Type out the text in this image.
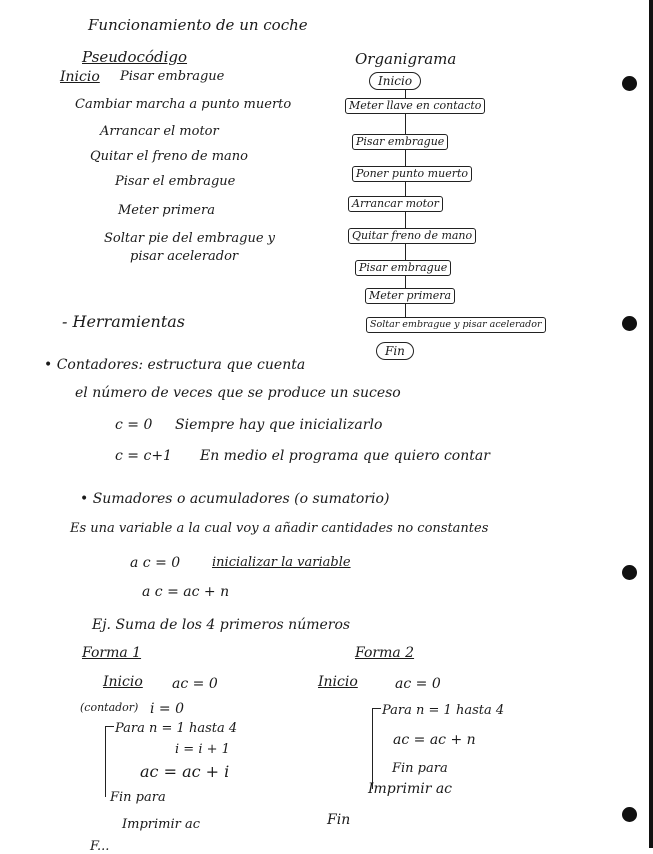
Funcionamiento de un coche
Pseudocódigo
Inicio Pisar embrague
Cambiar marcha a punto muerto
Arrancar el motor
Quitar el freno de mano
Pisar el embrague
Meter primera
Soltar pie del embrague y
pisar acelerador
Organigrama
Inicio
Meter llave en contacto
Pisar embrague
Poner punto muerto
Arrancar motor
Quitar freno de mano
Pisar embrague
Meter primera
Soltar embrague y pisar acelerador
Fin
- Herramientas
• Contadores: estructura que cuenta
el número de veces que se produce un suceso
c = 0 Siempre hay que inicializarlo
c = c+1 En medio el programa que quiero contar
• Sumadores o acumuladores (o sumatorio)
Es una variable a la cual voy a añadir cantidades no constantes
a c = 0 inicializar la variable
a c = ac + n
Ej. Suma de los 4 primeros números
Forma 1
Inicio ac = 0
(contador) i = 0
Para n = 1 hasta 4
i = i + 1
ac = ac + i
Fin para
Imprimir ac
Forma 2
Inicio	ac = 0
Para n = 1 hasta 4
ac = ac + n
Fin para
Imprimir ac
Fin
F...
